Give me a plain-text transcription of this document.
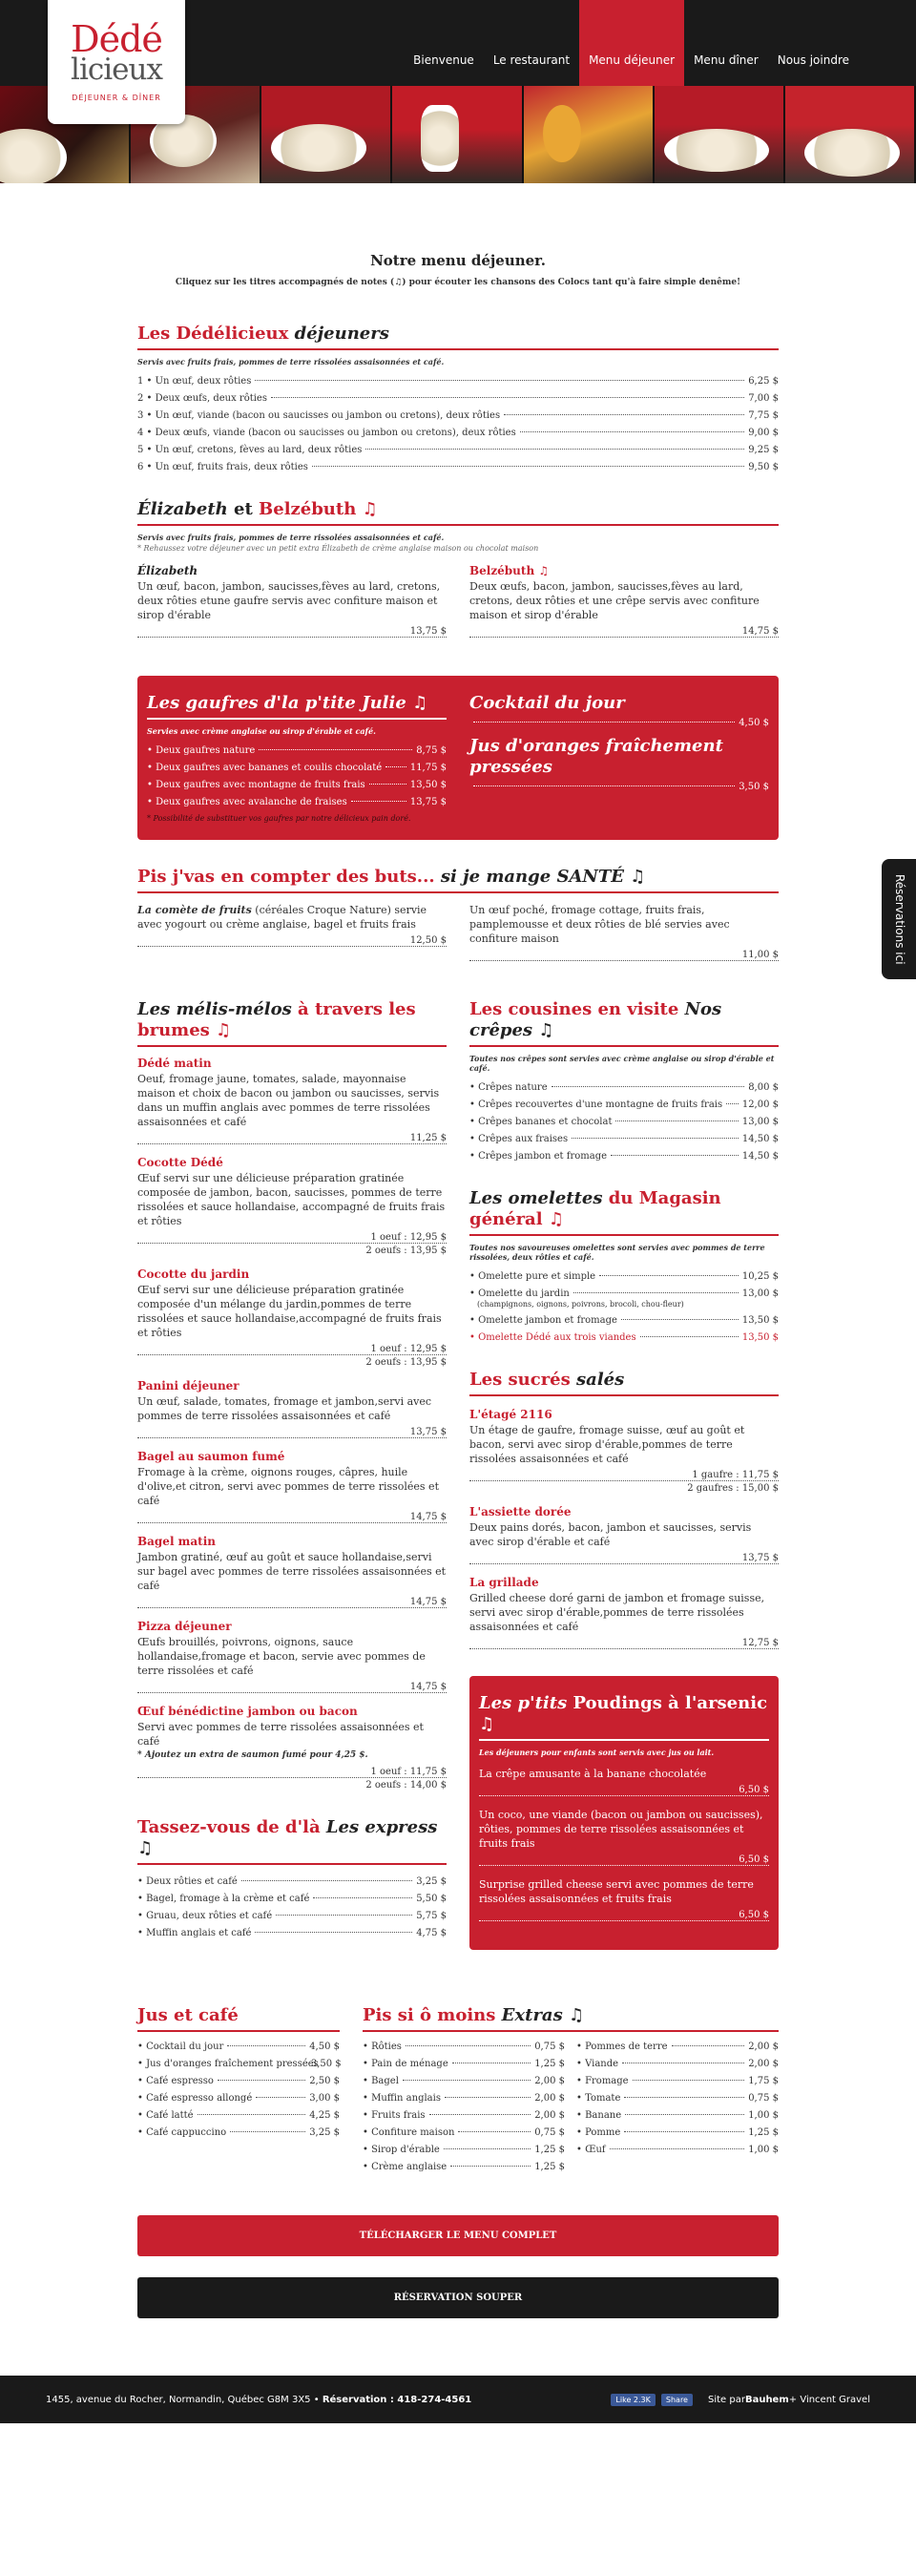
Dédé
licieux
DÉJEUNER & DÎNER
Bienvenue	Le restaurant	Menu déjeuner	Menu dîner	Nous joindre
Réservations ici
Notre menu déjeuner.

Cliquez sur les titres accompagnés de notes (♫) pour écouter les chansons des Colocs tant qu'à faire simple denême!

Les Dédélicieux déjeuners
Servis avec fruits frais, pommes de terre rissolées assaisonnées et café.
1 • Un œuf, deux rôties	6,25 $
2 • Deux œufs, deux rôties	7,00 $
3 • Un œuf, viande (bacon ou saucisses ou jambon ou cretons), deux rôties	7,75 $
4 • Deux œufs, viande (bacon ou saucisses ou jambon ou cretons), deux rôties	9,00 $
5 • Un œuf, cretons, fèves au lard, deux rôties	9,25 $
6 • Un œuf, fruits frais, deux rôties	9,50 $
Élizabeth et Belzébuth ♫
Servis avec fruits frais, pommes de terre rissolées assaisonnées et café.
* Rehaussez votre déjeuner avec un petit extra Élizabeth de crème anglaise maison ou chocolat maison
Élizabeth
Un œuf, bacon, jambon, saucisses,fèves au lard, cretons, deux rôties etune gaufre servis avec confiture maison et sirop d'érable
13,75 $
Belzébuth ♫
Deux œufs, bacon, jambon, saucisses,fèves au lard, cretons, deux rôties et une crêpe servis avec confiture maison et sirop d'érable
14,75 $
Les gaufres d'la p'tite Julie ♫
Servies avec crème anglaise ou sirop d'érable et café.
• Deux gaufres nature	8,75 $
• Deux gaufres avec bananes et coulis chocolaté	11,75 $
• Deux gaufres avec montagne de fruits frais	13,50 $
• Deux gaufres avec avalanche de fraises	13,75 $
* Possibilité de substituer vos gaufres par notre délicieux pain doré.
Cocktail du jour
4,50 $
Jus d'oranges fraîchement pressées
3,50 $
Pis j'vas en compter des buts... si je mange SANTÉ ♫
La comète de fruits (céréales Croque Nature) servie avec yogourt ou crème anglaise, bagel et fruits frais
12,50 $
Un œuf poché, fromage cottage, fruits frais, pamplemousse et deux rôties de blé servies avec confiture maison
11,00 $
Les mélis-mélos à travers les brumes ♫
Dédé matin
Oeuf, fromage jaune, tomates, salade, mayonnaise maison et choix de bacon ou jambon ou saucisses, servis dans un muffin anglais avec pommes de terre rissolées assaisonnées et café
11,25 $
Cocotte Dédé
Œuf servi sur une délicieuse préparation gratinée composée de jambon, bacon, saucisses, pommes de terre rissolées et sauce hollandaise, accompagné de fruits frais et rôties
1 oeuf : 12,95 $
2 oeufs : 13,95 $
Cocotte du jardin
Œuf servi sur une délicieuse préparation gratinée composée d'un mélange du jardin,pommes de terre rissolées et sauce hollandaise,accompagné de fruits frais et rôties
1 oeuf : 12,95 $
2 oeufs : 13,95 $
Panini déjeuner
Un œuf, salade, tomates, fromage et jambon,servi avec pommes de terre rissolées assaisonnées et café
13,75 $
Bagel au saumon fumé
Fromage à la crème, oignons rouges, câpres, huile d'olive,et citron, servi avec pommes de terre rissolées et café
14,75 $
Bagel matin
Jambon gratiné, œuf au goût et sauce hollandaise,servi sur bagel avec pommes de terre rissolées assaisonnées et café
14,75 $
Pizza déjeuner
Œufs brouillés, poivrons, oignons, sauce hollandaise,fromage et bacon, servie avec pommes de terre rissolées et café
14,75 $
Œuf bénédictine jambon ou bacon
Servi avec pommes de terre rissolées assaisonnées et café
* Ajoutez un extra de saumon fumé pour 4,25 $.
1 oeuf : 11,75 $
2 oeufs : 14,00 $
Tassez-vous de d'là Les express ♫
• Deux rôties et café	3,25 $
• Bagel, fromage à la crème et café	5,50 $
• Gruau, deux rôties et café	5,75 $
• Muffin anglais et café	4,75 $
Les cousines en visite Nos crêpes ♫
Toutes nos crêpes sont servies avec crème anglaise ou sirop d'érable et café.
• Crêpes nature	8,00 $
• Crêpes recouvertes d'une montagne de fruits frais 12,00 $
• Crêpes bananes et chocolat	13,00 $
• Crêpes aux fraises	14,50 $
• Crêpes jambon et fromage	14,50 $
Les omelettes du Magasin général ♫
Toutes nos savoureuses omelettes sont servies avec pommes de terre rissolées, deux rôties et café.
• Omelette pure et simple	10,25 $
• Omelette du jardin	13,00 $
(champignons, oignons, poivrons, brocoli, chou-fleur)
• Omelette jambon et fromage	13,50 $
• Omelette Dédé aux trois viandes	13,50 $
Les sucrés salés
L'étagé 2116
Un étage de gaufre, fromage suisse, œuf au goût et bacon, servi avec sirop d'érable,pommes de terre rissolées assaisonnées et café
1 gaufre : 11,75 $
2 gaufres : 15,00 $
L'assiette dorée
Deux pains dorés, bacon, jambon et saucisses, servis avec sirop d'érable et café
13,75 $
La grillade
Grilled cheese doré garni de jambon et fromage suisse, servi avec sirop d'érable,pommes de terre rissolées assaisonnées et café
12,75 $
Les p'tits Poudings à l'arsenic ♫
Les déjeuners pour enfants sont servis avec jus ou lait.
La crêpe amusante à la banane chocolatée
6,50 $
Un coco, une viande (bacon ou jambon ou saucisses), rôties, pommes de terre rissolées assaisonnées et fruits frais
6,50 $
Surprise grilled cheese servi avec pommes de terre rissolées assaisonnées et fruits frais
6,50 $
Jus et café
• Cocktail du jour	4,50 $
• Jus d'oranges fraîchement pressées
3,50 $
• Café espresso	2,50 $
• Café espresso allongé	3,00 $
• Café latté	4,25 $
• Café cappuccino	3,25 $
Pis si ô moins Extras ♫
• Rôties	0,75 $
• Pain de ménage	1,25 $
• Bagel	2,00 $
• Muffin anglais	2,00 $
• Fruits frais	2,00 $
• Confiture maison	0,75 $
• Sirop d'érable	1,25 $
• Crème anglaise	1,25 $
• Pommes de terre	2,00 $
• Viande	2,00 $
• Fromage	1,75 $
• Tomate	0,75 $
• Banane	1,00 $
• Pomme	1,25 $
• Œuf	1,00 $
TÉLÉCHARGER LE MENU COMPLET
RÉSERVATION SOUPER
1455, avenue du Rocher, Normandin, Québec G8M 3X5 • Réservation : 418-274-4561	Like 2.3K	Share	Site par Bauhem + Vincent Gravel
